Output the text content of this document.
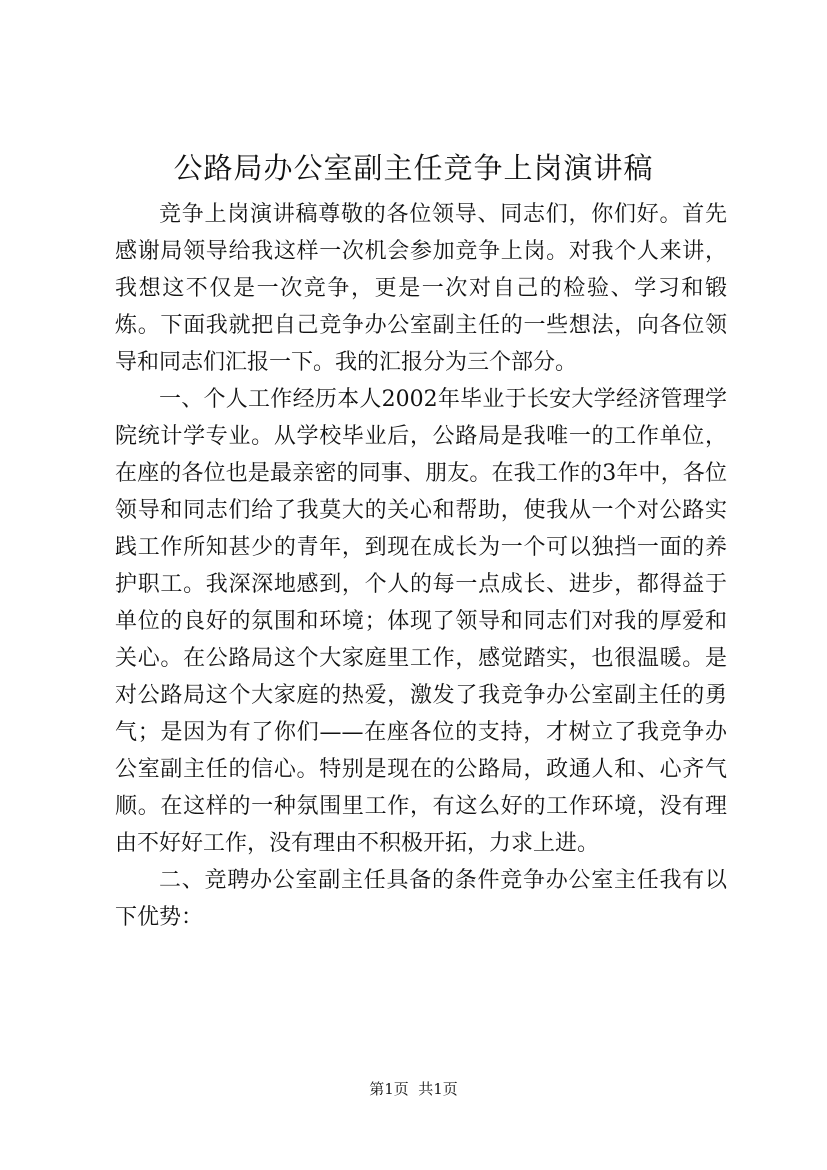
公路局办公室副主任竞争上岗演讲稿

竞争上岗演讲稿尊敬的各位领导、同志们，你们好。首先感谢局领导给我这样一次机会参加竞争上岗。对我个人来讲，我想这不仅是一次竞争，更是一次对自己的检验、学习和锻炼。下面我就把自己竞争办公室副主任的一些想法，向各位领导和同志们汇报一下。我的汇报分为三个部分。

一、个人工作经历本人2002年毕业于长安大学经济管理学院统计学专业。从学校毕业后，公路局是我唯一的工作单位，在座的各位也是最亲密的同事、朋友。在我工作的3年中，各位领导和同志们给了我莫大的关心和帮助，使我从一个对公路实践工作所知甚少的青年，到现在成长为一个可以独挡一面的养护职工。我深深地感到，个人的每一点成长、进步，都得益于单位的良好的氛围和环境；体现了领导和同志们对我的厚爱和关心。在公路局这个大家庭里工作，感觉踏实，也很温暖。是对公路局这个大家庭的热爱，激发了我竞争办公室副主任的勇气；是因为有了你们——在座各位的支持，才树立了我竞争办公室副主任的信心。特别是现在的公路局，政通人和、心齐气顺。在这样的一种氛围里工作，有这么好的工作环境，没有理由不好好工作，没有理由不积极开拓，力求上进。

二、竞聘办公室副主任具备的条件竞争办公室主任我有以下优势：

第1页  共1页
